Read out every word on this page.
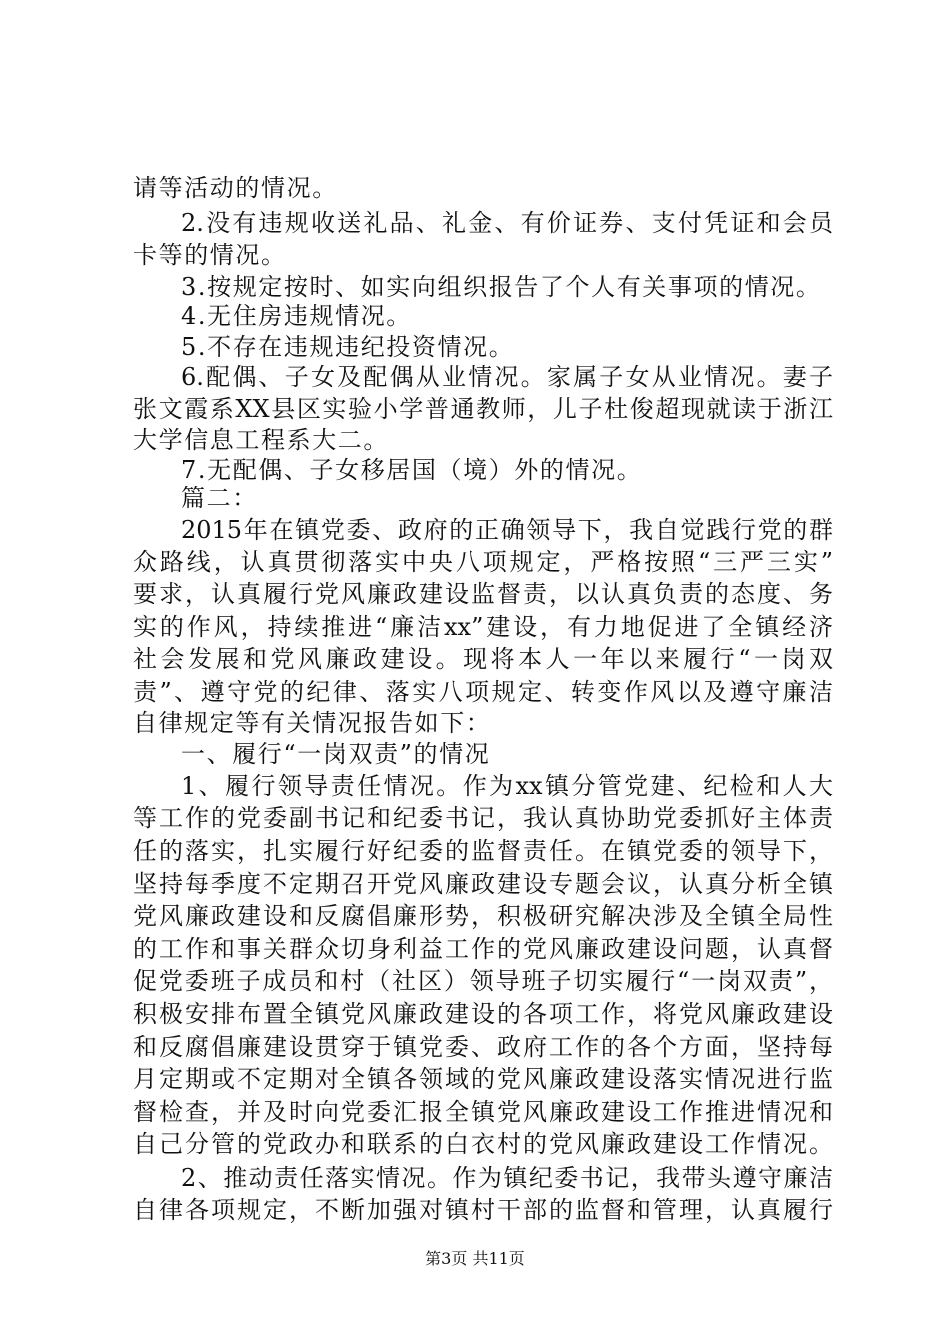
请等活动的情况。
2.没有违规收送礼品、礼金、有价证券、支付凭证和会员
卡等的情况。
3.按规定按时、如实向组织报告了个人有关事项的情况。
4.无住房违规情况。
5.不存在违规违纪投资情况。
6.配偶、子女及配偶从业情况。家属子女从业情况。妻子
张文霞系XX县区实验小学普通教师，儿子杜俊超现就读于浙江
大学信息工程系大二。
7.无配偶、子女移居国（境）外的情况。
篇二：
2015年在镇党委、政府的正确领导下，我自觉践行党的群
众路线，认真贯彻落实中央八项规定，严格按照“三严三实”
要求，认真履行党风廉政建设监督责，以认真负责的态度、务
实的作风，持续推进“廉洁xx”建设，有力地促进了全镇经济
社会发展和党风廉政建设。现将本人一年以来履行“一岗双
责”、遵守党的纪律、落实八项规定、转变作风以及遵守廉洁
自律规定等有关情况报告如下：
一、履行“一岗双责”的情况
1、履行领导责任情况。作为xx镇分管党建、纪检和人大
等工作的党委副书记和纪委书记，我认真协助党委抓好主体责
任的落实，扎实履行好纪委的监督责任。在镇党委的领导下，
坚持每季度不定期召开党风廉政建设专题会议，认真分析全镇
党风廉政建设和反腐倡廉形势，积极研究解决涉及全镇全局性
的工作和事关群众切身利益工作的党风廉政建设问题，认真督
促党委班子成员和村（社区）领导班子切实履行“一岗双责”，
积极安排布置全镇党风廉政建设的各项工作，将党风廉政建设
和反腐倡廉建设贯穿于镇党委、政府工作的各个方面，坚持每
月定期或不定期对全镇各领域的党风廉政建设落实情况进行监
督检查，并及时向党委汇报全镇党风廉政建设工作推进情况和
自己分管的党政办和联系的白衣村的党风廉政建设工作情况。
2、推动责任落实情况。作为镇纪委书记，我带头遵守廉洁
自律各项规定，不断加强对镇村干部的监督和管理，认真履行
第3页 共11页
